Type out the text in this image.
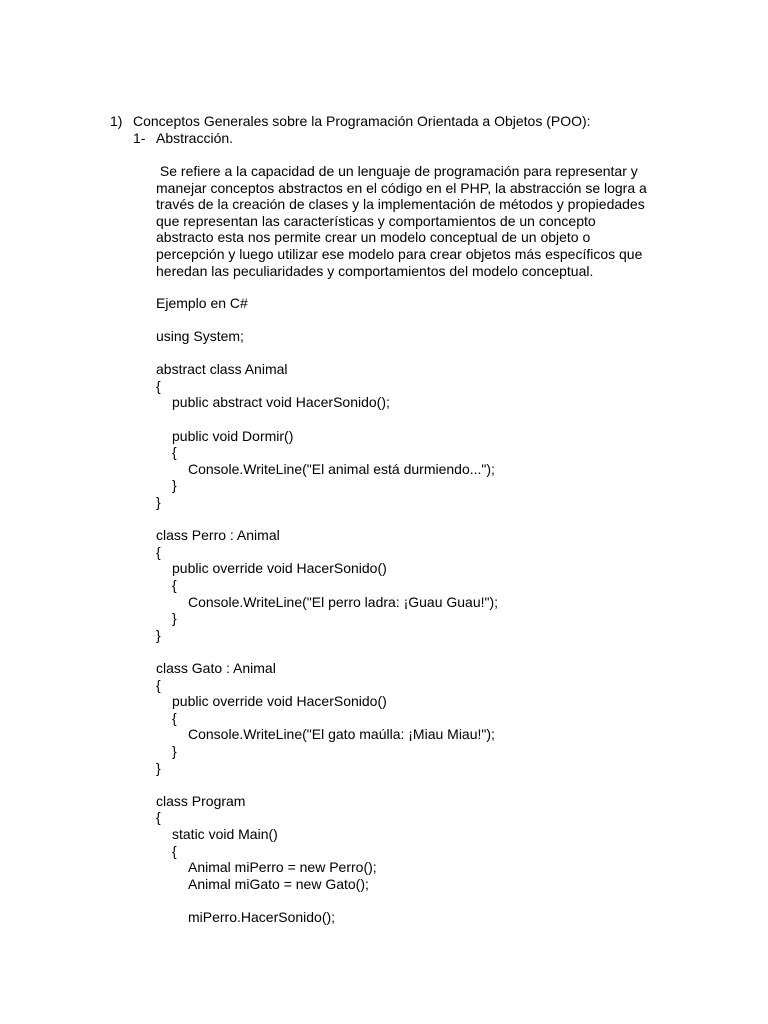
1) Conceptos Generales sobre la Programación Orientada a Objetos (POO):
1- Abstracción.
Se refiere a la capacidad de un lenguaje de programación para representar y
manejar conceptos abstractos en el código en el PHP, la abstracción se logra a
través de la creación de clases y la implementación de métodos y propiedades
que representan las características y comportamientos de un concepto
abstracto esta nos permite crear un modelo conceptual de un objeto o
percepción y luego utilizar ese modelo para crear objetos más específicos que
heredan las peculiaridades y comportamientos del modelo conceptual.
Ejemplo en C#
using System;
abstract class Animal
{
public abstract void HacerSonido();
public void Dormir()
{
Console.WriteLine("El animal está durmiendo...");
}
}
class Perro : Animal
{
public override void HacerSonido()
{
Console.WriteLine("El perro ladra: ¡Guau Guau!");
}
}
class Gato : Animal
{
public override void HacerSonido()
{
Console.WriteLine("El gato maúlla: ¡Miau Miau!");
}
}
class Program
{
static void Main()
{
Animal miPerro = new Perro();
Animal miGato = new Gato();
miPerro.HacerSonido();
